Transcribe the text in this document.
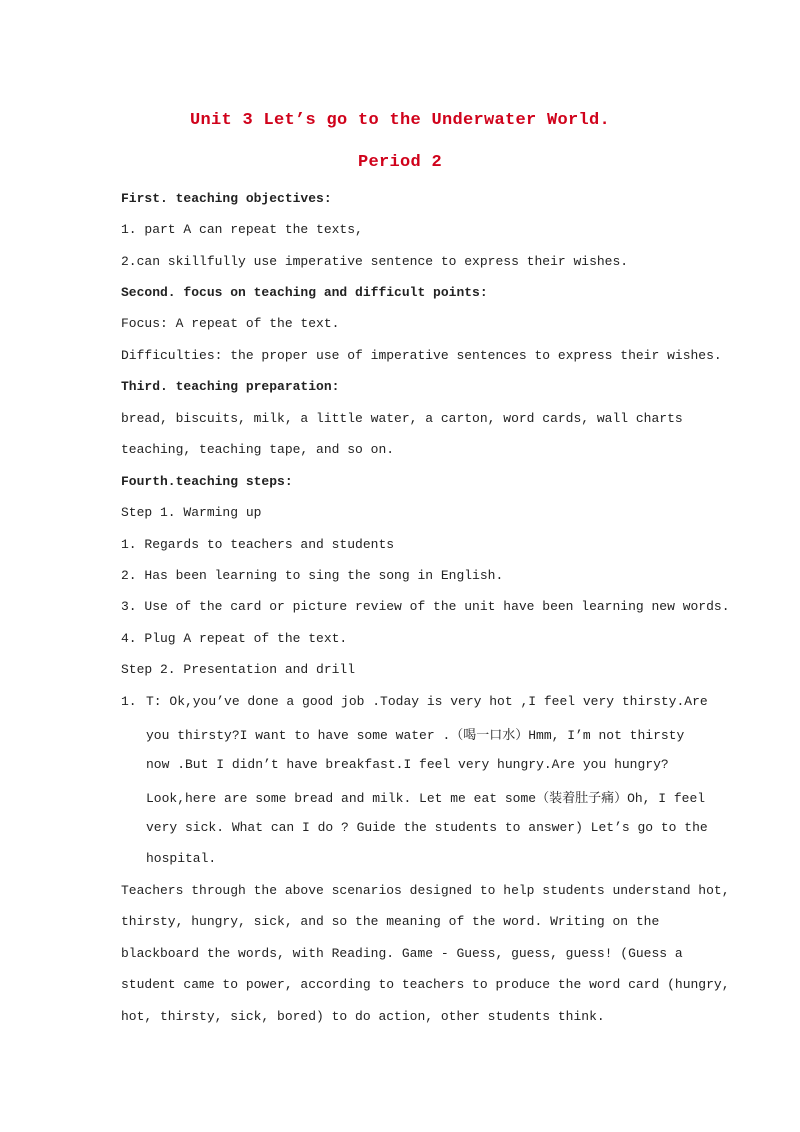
Unit 3 Let’s go to the Underwater World.
Period 2
First. teaching objectives:
1. part A can repeat the texts,
2.can skillfully use imperative sentence to express their wishes.
Second. focus on teaching and difficult points:
Focus: A repeat of the text.
Difficulties: the proper use of imperative sentences to express their wishes.
Third. teaching preparation:
bread, biscuits, milk, a little water, a carton, word cards, wall charts
teaching, teaching tape, and so on.
Fourth.teaching steps:
Step 1. Warming up
1. Regards to teachers and students
2. Has been learning to sing the song in English.
3. Use of the card or picture review of the unit have been learning new words.
4. Plug A repeat of the text.
Step 2. Presentation and drill
1. T: Ok,you’ve done a good job .Today is very hot ,I feel very thirsty.Are
you thirsty?I want to have some water .（喝一口水）Hmm, I’m not thirsty
now .But I didn’t have breakfast.I feel very hungry.Are you hungry?
Look,here are some bread and milk. Let me eat some（装着肚子痛）Oh, I feel
very sick. What can I do ? Guide the students to answer) Let’s go to the
hospital.
Teachers through the above scenarios designed to help students understand hot,
thirsty, hungry, sick, and so the meaning of the word. Writing on the
blackboard the words, with Reading. Game - Guess, guess, guess! (Guess a
student came to power, according to teachers to produce the word card (hungry,
hot, thirsty, sick, bored) to do action, other students think.
